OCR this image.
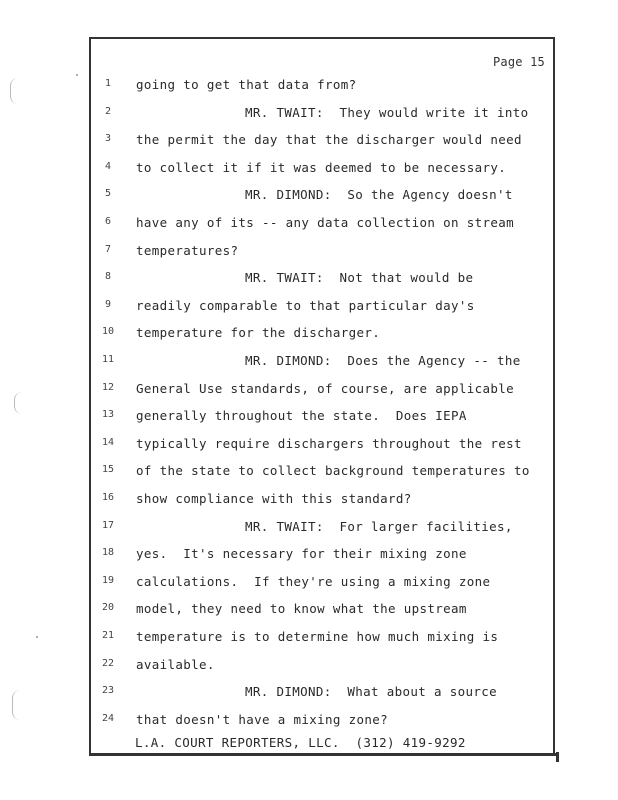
Page 15
1
2
3
4
5
6
7
8
9
10
11
12
13
14
15
16
17
18
19
20
21
22
23
24
going to get that data from?
MR. TWAIT:  They would write it into
the permit the day that the discharger would need
to collect it if it was deemed to be necessary.
MR. DIMOND:  So the Agency doesn't
have any of its -- any data collection on stream
temperatures?
MR. TWAIT:  Not that would be
readily comparable to that particular day's
temperature for the discharger.
MR. DIMOND:  Does the Agency -- the
General Use standards, of course, are applicable
generally throughout the state.  Does IEPA
typically require dischargers throughout the rest
of the state to collect background temperatures to
show compliance with this standard?
MR. TWAIT:  For larger facilities,
yes.  It's necessary for their mixing zone
calculations.  If they're using a mixing zone
model, they need to know what the upstream
temperature is to determine how much mixing is
available.
MR. DIMOND:  What about a source
that doesn't have a mixing zone?
L.A. COURT REPORTERS, LLC.  (312) 419-9292
